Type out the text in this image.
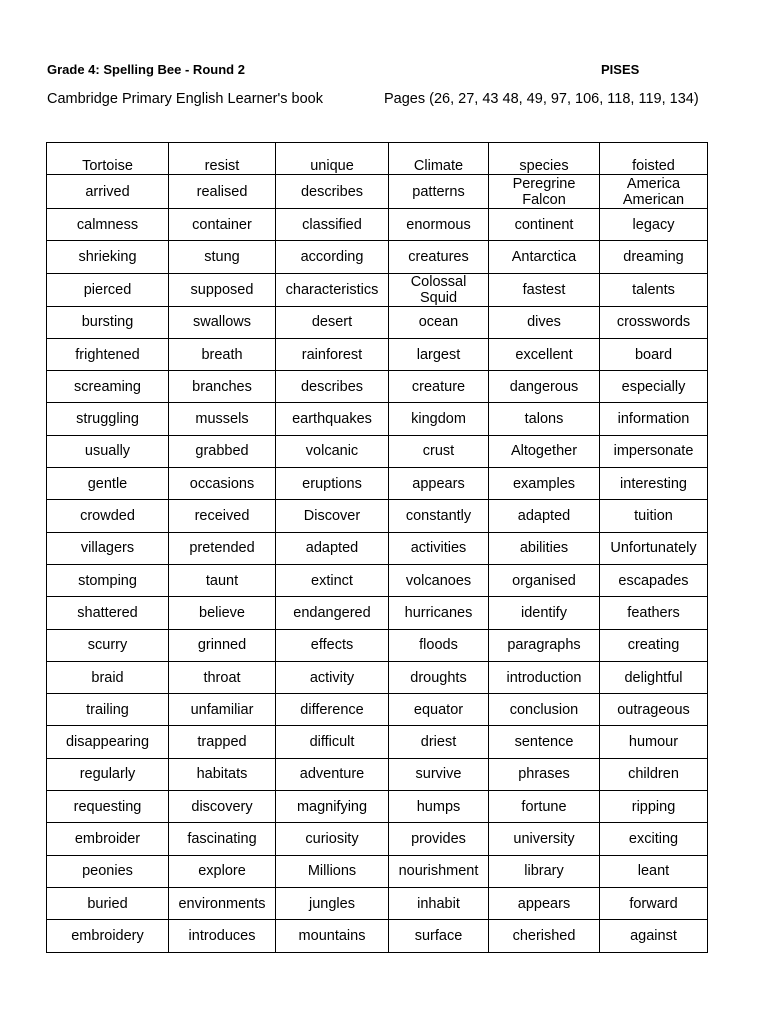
Grade 4: Spelling Bee - Round 2	PISES
Cambridge Primary English Learner's book	Pages (26, 27, 43 48, 49, 97, 106, 118, 119, 134)
Tortoise	resist	unique	Climate	species	foisted
arrived	realised	describes	patterns	Peregrine Falcon	America American
calmness	container	classified	enormous	continent	legacy
shrieking	stung	according	creatures	Antarctica	dreaming
pierced	supposed	characteristics	Colossal Squid	fastest	talents
bursting	swallows	desert	ocean	dives	crosswords
frightened	breath	rainforest	largest	excellent	board
screaming	branches	describes	creature	dangerous	especially
struggling	mussels	earthquakes	kingdom	talons	information
usually	grabbed	volcanic	crust	Altogether	impersonate
gentle	occasions	eruptions	appears	examples	interesting
crowded	received	Discover	constantly	adapted	tuition
villagers	pretended	adapted	activities	abilities	Unfortunately
stomping	taunt	extinct	volcanoes	organised	escapades
shattered	believe	endangered	hurricanes	identify	feathers
scurry	grinned	effects	floods	paragraphs	creating
braid	throat	activity	droughts	introduction	delightful
trailing	unfamiliar	difference	equator	conclusion	outrageous
disappearing	trapped	difficult	driest	sentence	humour
regularly	habitats	adventure	survive	phrases	children
requesting	discovery	magnifying	humps	fortune	ripping
embroider	fascinating	curiosity	provides	university	exciting
peonies	explore	Millions	nourishment	library	leant
buried	environments	jungles	inhabit	appears	forward
embroidery	introduces	mountains	surface	cherished	against
